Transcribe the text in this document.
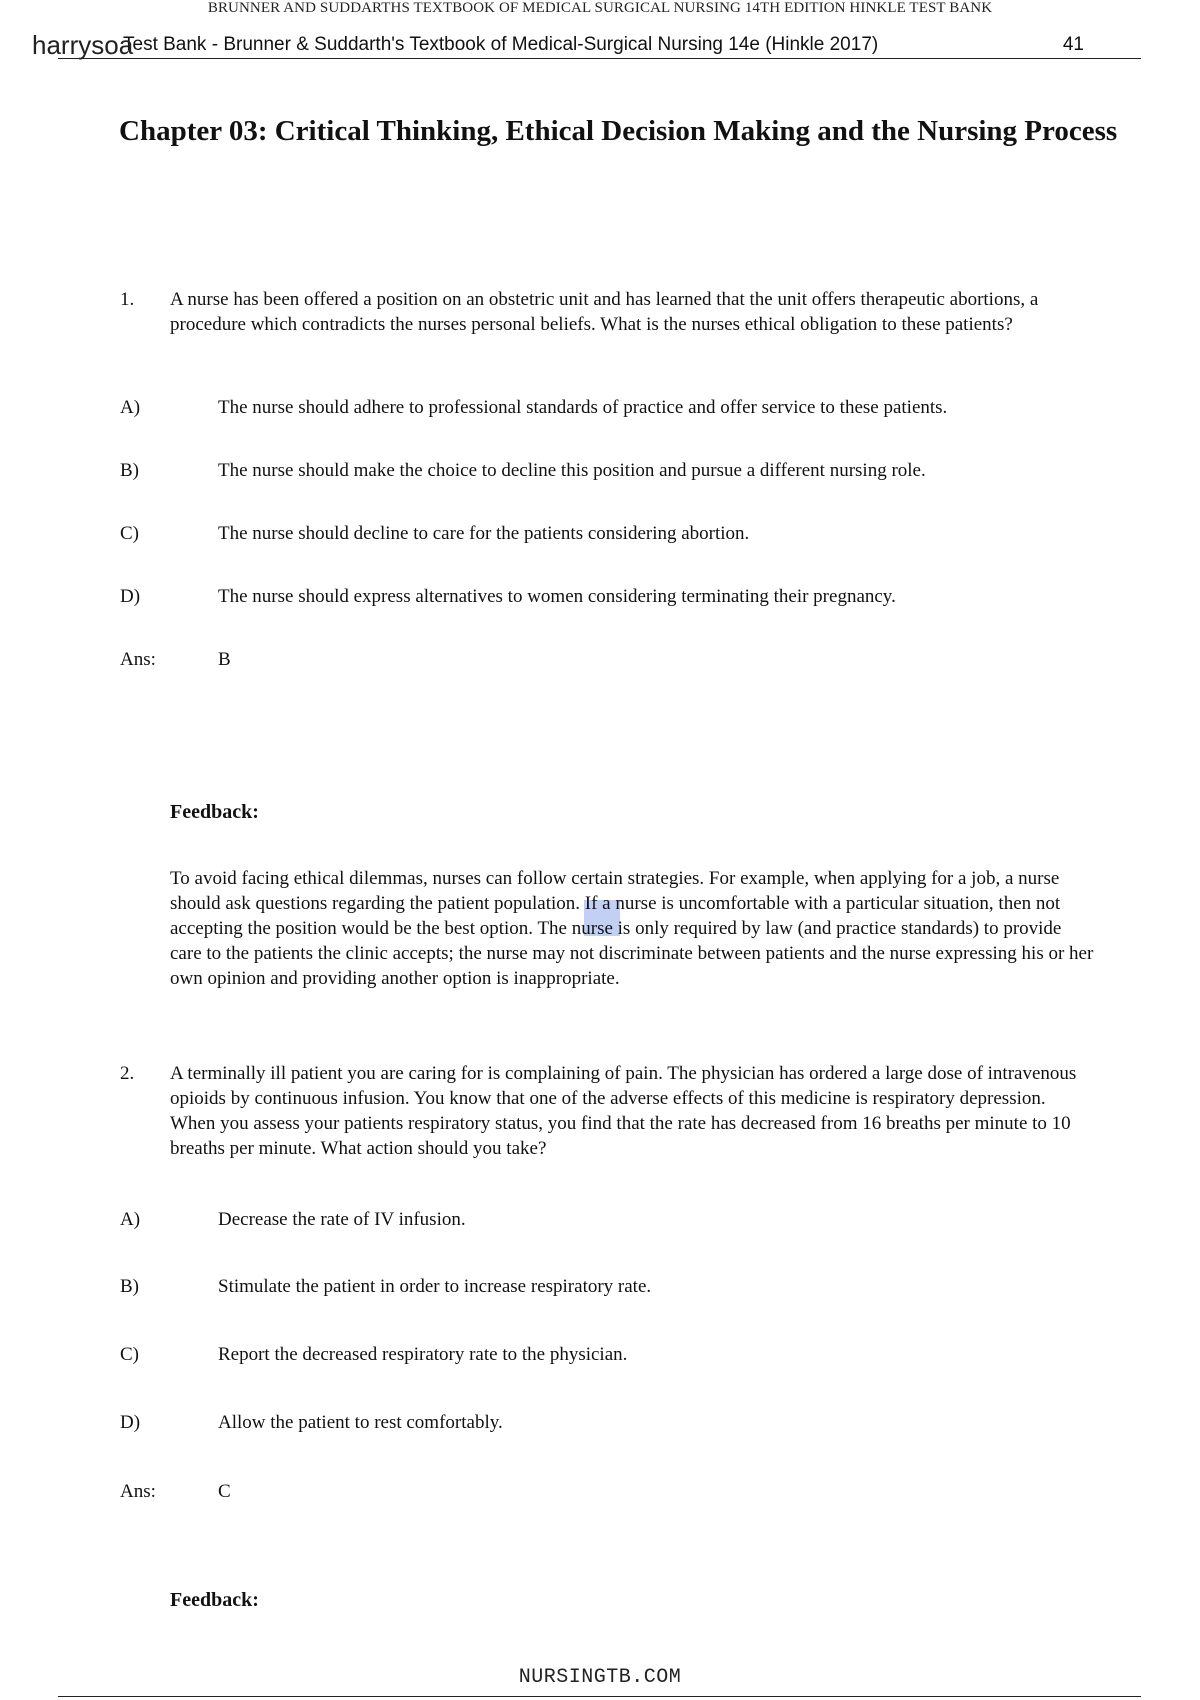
BRUNNER AND SUDDARTHS TEXTBOOK OF MEDICAL SURGICAL NURSING 14TH EDITION HINKLE TEST BANK
Test Bank - Brunner & Suddarth's Textbook of Medical-Surgical Nursing 14e (Hinkle 2017)	41
harrysoa
Chapter 03: Critical Thinking, Ethical Decision Making and the Nursing Process
1. A nurse has been offered a position on an obstetric unit and has learned that the unit offers therapeutic abortions, a procedure which contradicts the nurses personal beliefs. What is the nurses ethical obligation to these patients?
A)	The nurse should adhere to professional standards of practice and offer service to these patients.
B)	The nurse should make the choice to decline this position and pursue a different nursing role.
C)	The nurse should decline to care for the patients considering abortion.
D)	The nurse should express alternatives to women considering terminating their pregnancy.
Ans:	B
Feedback:
To avoid facing ethical dilemmas, nurses can follow certain strategies. For example, when applying for a job, a nurse should ask questions regarding the patient population. If a nurse is uncomfortable with a particular situation, then not accepting the position would be the best option. The nurse is only required by law (and practice standards) to provide care to the patients the clinic accepts; the nurse may not discriminate between patients and the nurse expressing his or her own opinion and providing another option is inappropriate.
2. A terminally ill patient you are caring for is complaining of pain. The physician has ordered a large dose of intravenous opioids by continuous infusion. You know that one of the adverse effects of this medicine is respiratory depression. When you assess your patients respiratory status, you find that the rate has decreased from 16 breaths per minute to 10 breaths per minute. What action should you take?
A)	Decrease the rate of IV infusion.
B)	Stimulate the patient in order to increase respiratory rate.
C)	Report the decreased respiratory rate to the physician.
D)	Allow the patient to rest comfortably.
Ans:	C
Feedback:
NURSINGTB.COM
